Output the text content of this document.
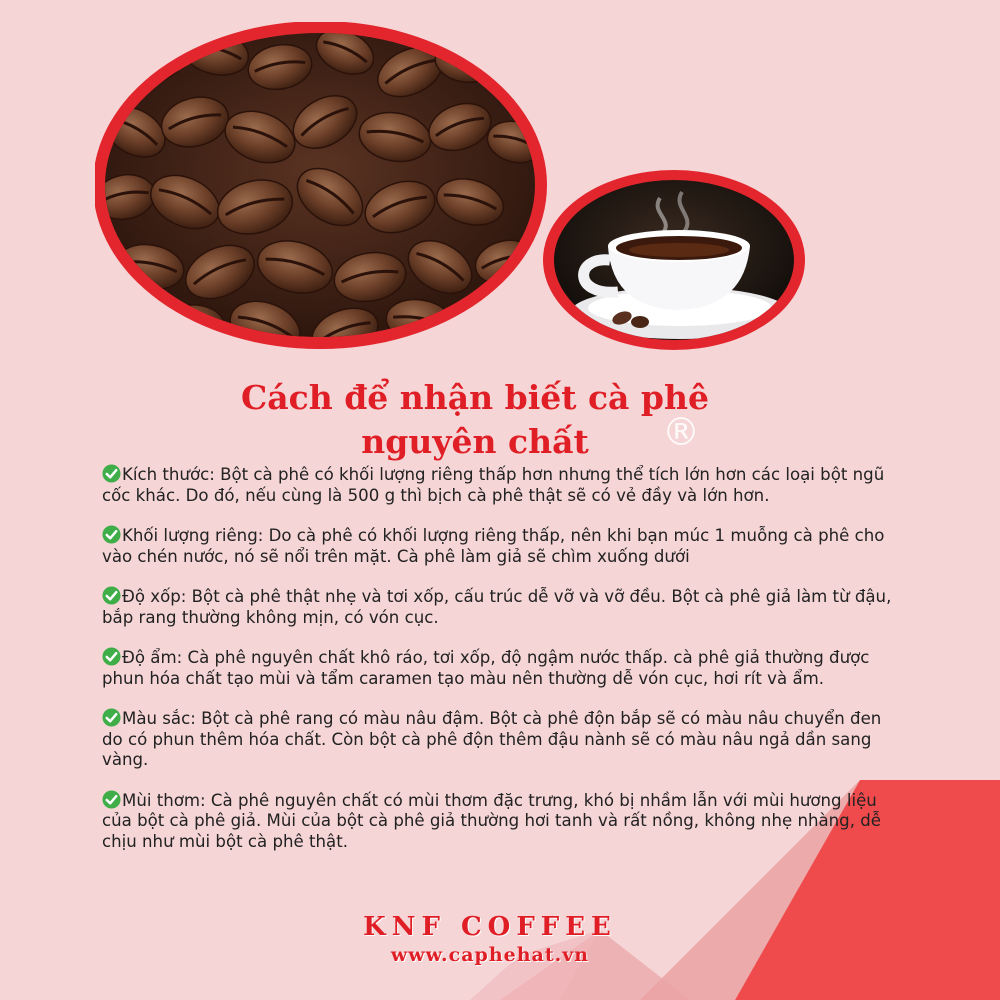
®
Cách để nhận biết cà phê
nguyên chất
Kích thước: Bột cà phê có khối lượng riêng thấp hơn nhưng thể tích lớn hơn các loại bột ngũ cốc khác. Do đó, nếu cùng là 500 g thì bịch cà phê thật sẽ có vẻ đầy và lớn hơn.
Khối lượng riêng: Do cà phê có khối lượng riêng thấp, nên khi bạn múc 1 muỗng cà phê cho vào chén nước, nó sẽ nổi trên mặt. Cà phê làm giả sẽ chìm xuống dưới
Độ xốp: Bột cà phê thật nhẹ và tơi xốp, cấu trúc dễ vỡ và vỡ đều. Bột cà phê giả làm từ đậu, bắp rang thường không mịn, có vón cục.
Độ ẩm: Cà phê nguyên chất khô ráo, tơi xốp, độ ngậm nước thấp. cà phê giả thường được phun hóa chất tạo mùi và tẩm caramen tạo màu nên thường dễ vón cục, hơi rít và ẩm.
Màu sắc: Bột cà phê rang có màu nâu đậm. Bột cà phê độn bắp sẽ có màu nâu chuyển đen do có phun thêm hóa chất. Còn bột cà phê độn thêm đậu nành sẽ có màu nâu ngả dần sang vàng.
Mùi thơm: Cà phê nguyên chất có mùi thơm đặc trưng, khó bị nhầm lẫn với mùi hương liệu của bột cà phê giả. Mùi của bột cà phê giả thường hơi tanh và rất nồng, không nhẹ nhàng, dễ chịu như mùi bột cà phê thật.
KNF COFFEE
www.caphehat.vn
